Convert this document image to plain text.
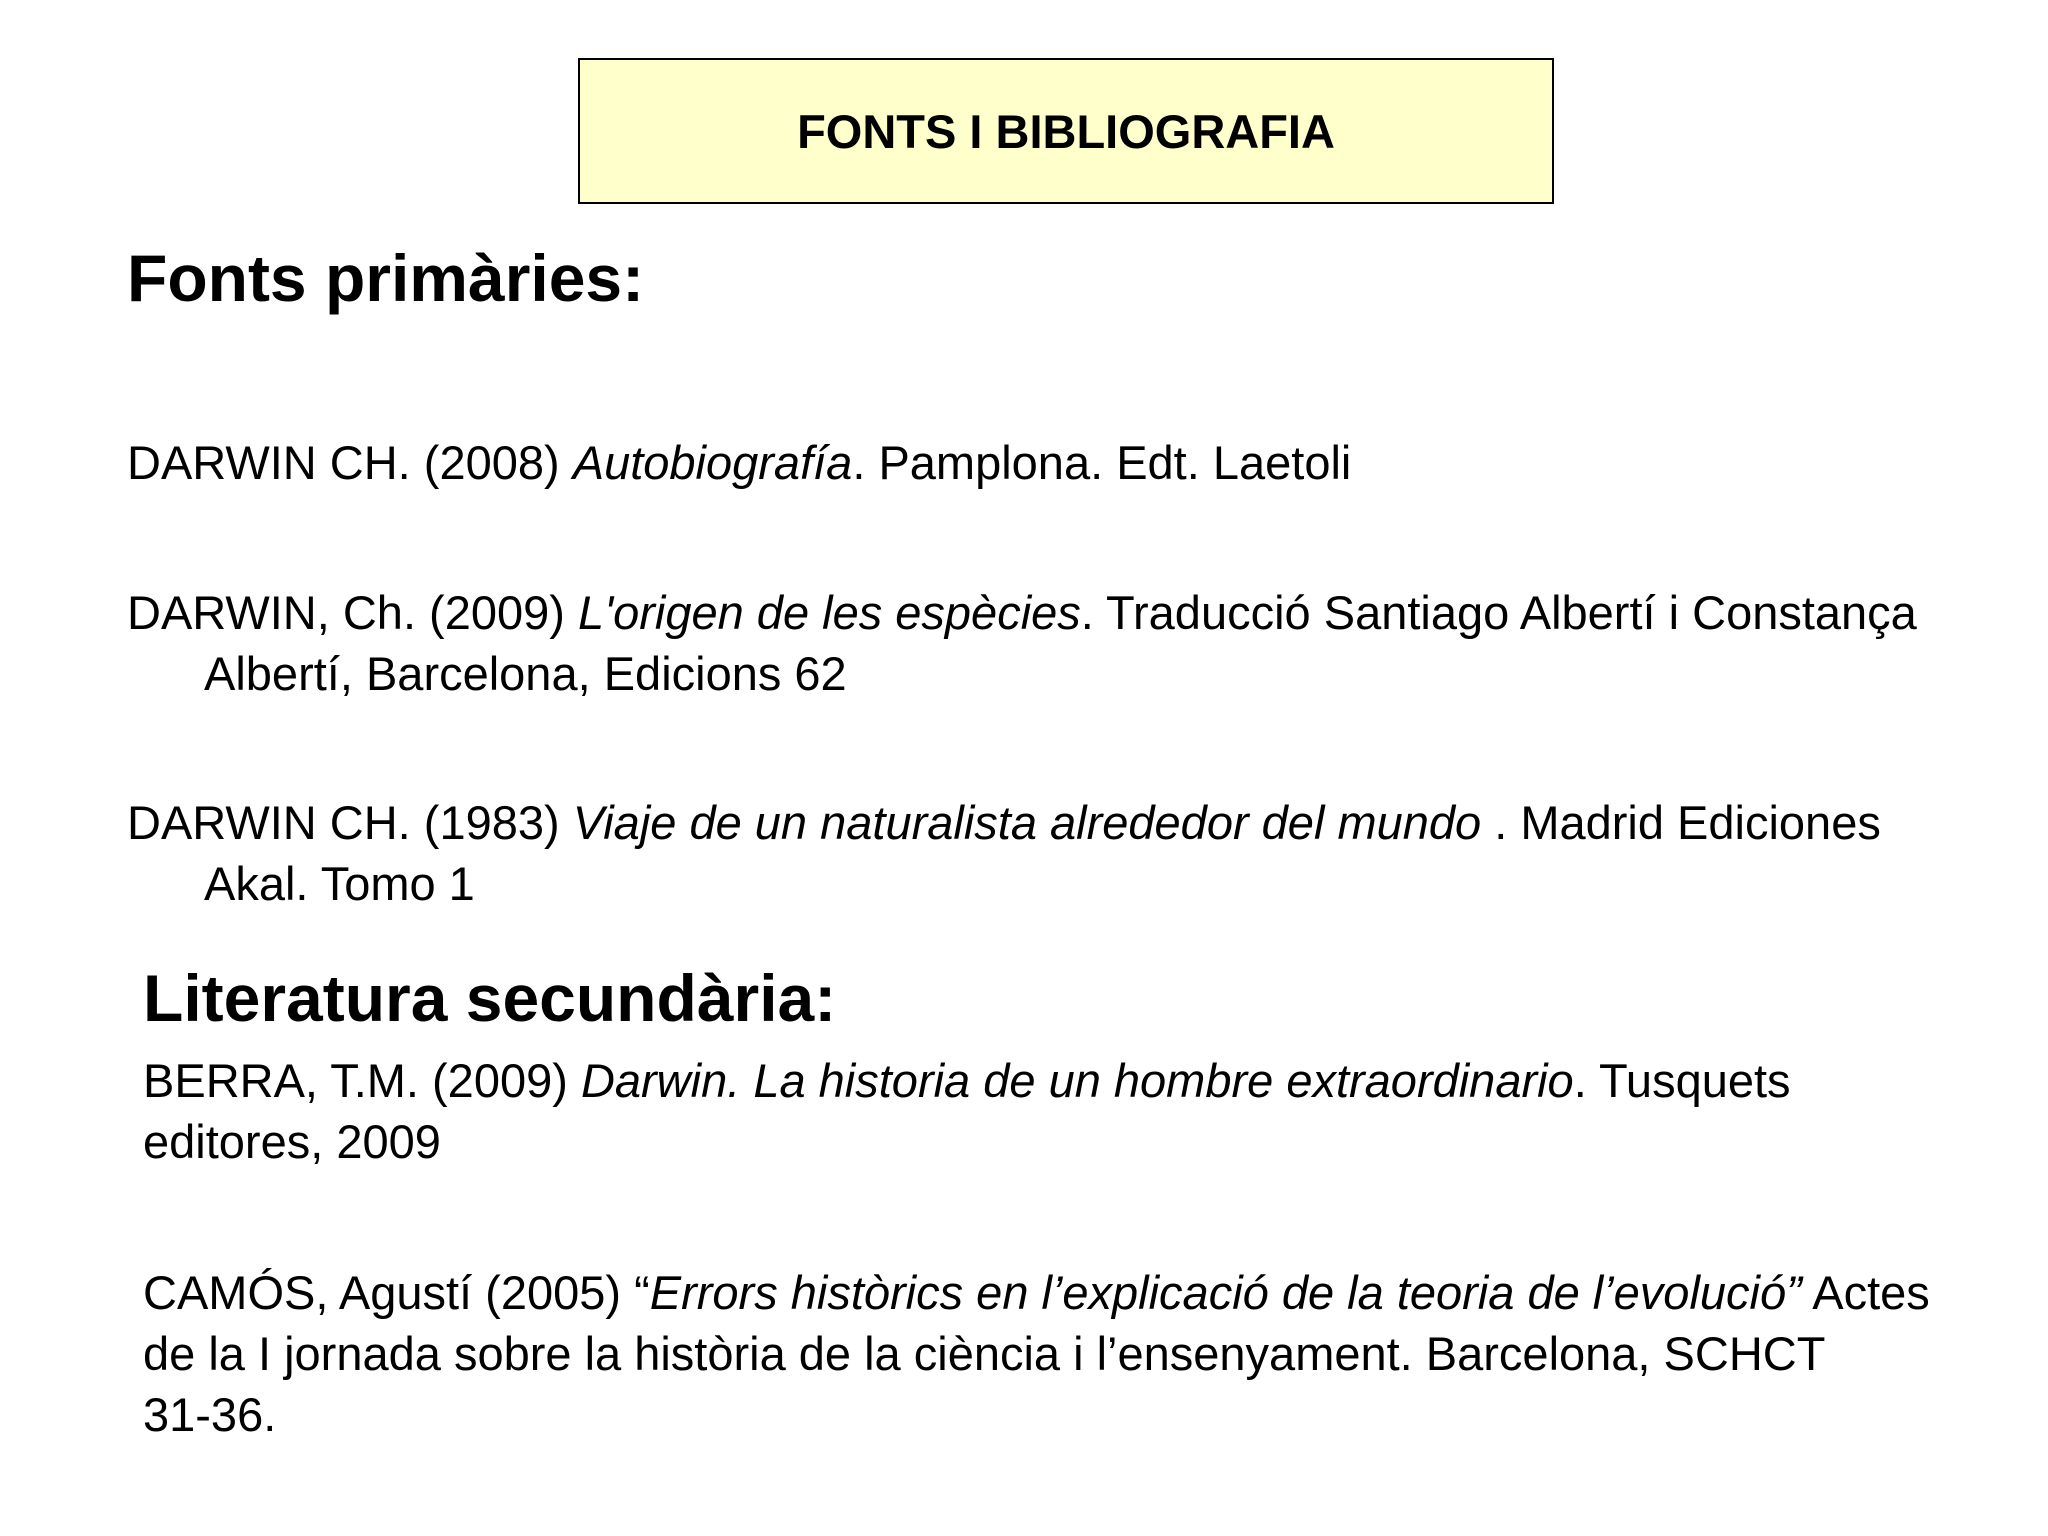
FONTS I BIBLIOGRAFIA
Fonts primàries:

DARWIN CH. (2008) Autobiografía. Pamplona. Edt. Laetoli

DARWIN, Ch. (2009) L'origen de les espècies. Traducció Santiago Albertí i Constança Albertí, Barcelona, Edicions 62

DARWIN CH. (1983) Viaje de un naturalista alrededor del mundo . Madrid Ediciones Akal. Tomo 1

Literatura secundària:

BERRA, T.M. (2009) Darwin. La historia de un hombre extraordinario. Tusquets editores, 2009

CAMÓS, Agustí (2005) “Errors històrics en l’explicació de la teoria de l’evolució” Actes de la I jornada sobre la història de la ciència i l’ensenyament. Barcelona, SCHCT31-36.
